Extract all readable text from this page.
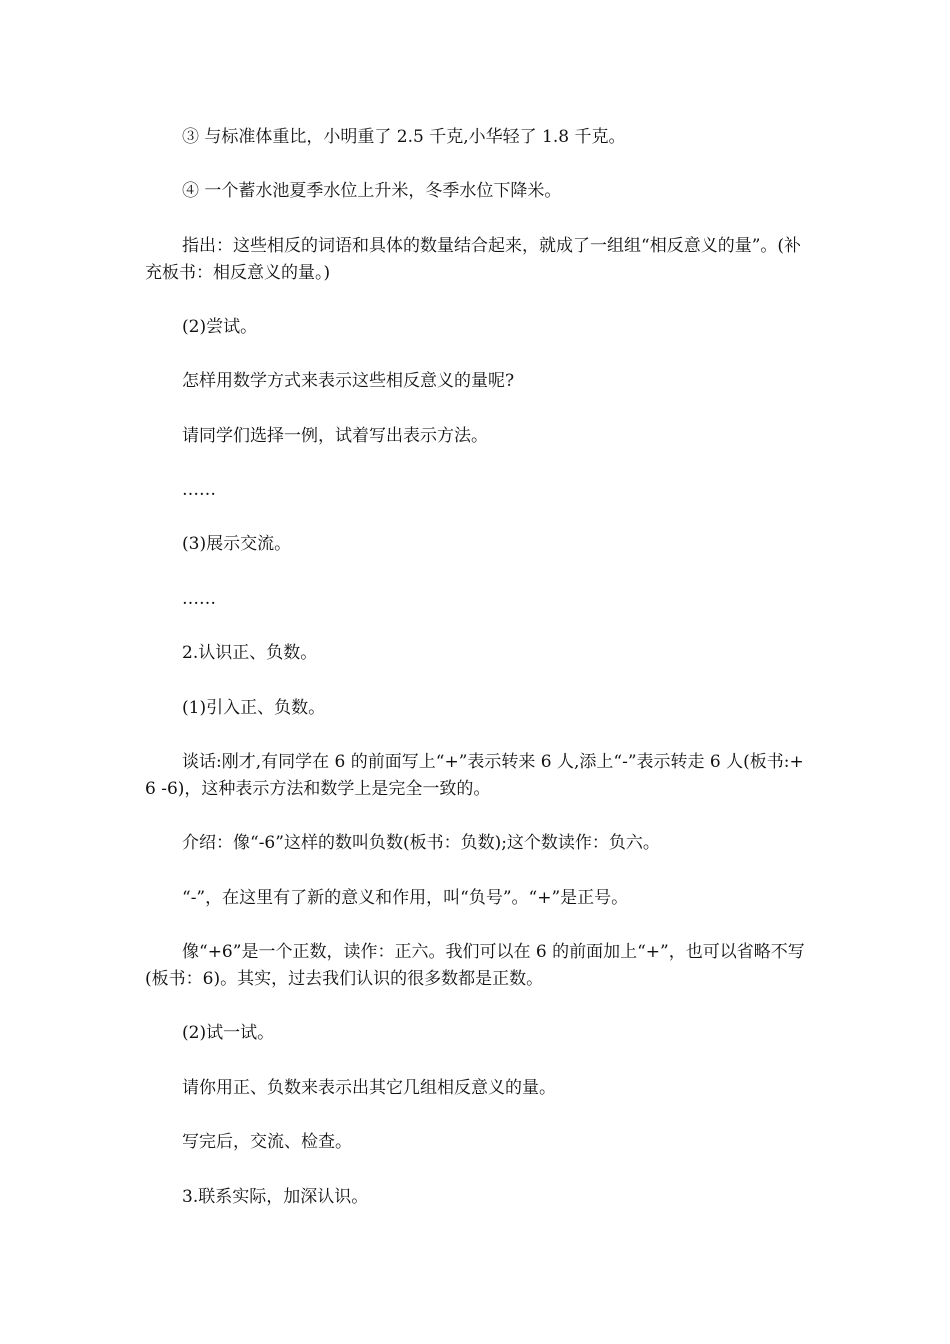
③ 与标准体重比，小明重了 2.5 千克,小华轻了 1.8 千克。

④ 一个蓄水池夏季水位上升米，冬季水位下降米。

指出：这些相反的词语和具体的数量结合起来，就成了一组组“相反意义的量”。(补充板书：相反意义的量。)

(2)尝试。

怎样用数学方式来表示这些相反意义的量呢?

请同学们选择一例，试着写出表示方法。

……

(3)展示交流。

……

2.认识正、负数。

(1)引入正、负数。

谈话:刚才,有同学在 6 的前面写上“+”表示转来 6 人,添上“-”表示转走 6 人(板书:+6 -6)，这种表示方法和数学上是完全一致的。

介绍：像“-6”这样的数叫负数(板书：负数);这个数读作：负六。

“-”，在这里有了新的意义和作用，叫“负号”。“+”是正号。

像“+6”是一个正数，读作：正六。我们可以在 6 的前面加上“+”，也可以省略不写(板书：6)。其实，过去我们认识的很多数都是正数。

(2)试一试。

请你用正、负数来表示出其它几组相反意义的量。

写完后，交流、检查。

3.联系实际，加深认识。
